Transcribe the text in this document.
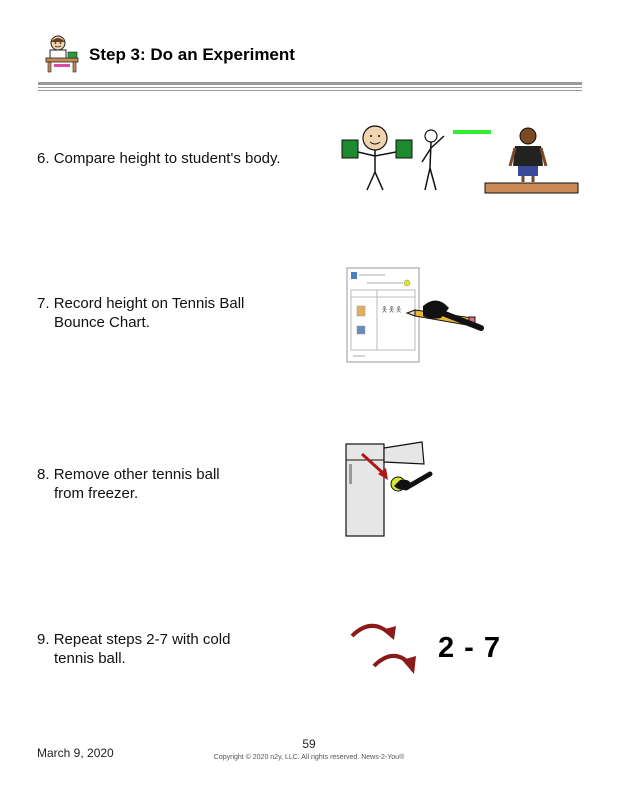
Step 3: Do an Experiment
6. Compare height to student's body.
7. Record height on Tennis Ball
Bounce Chart.
🯅🯅🯅
8. Remove other tennis ball
from freezer.
9. Repeat steps 2-7 with cold
tennis ball.	2 - 7
59
March 9, 2020	Copyright © 2020 n2y, LLC. All rights reserved. News-2-You®
